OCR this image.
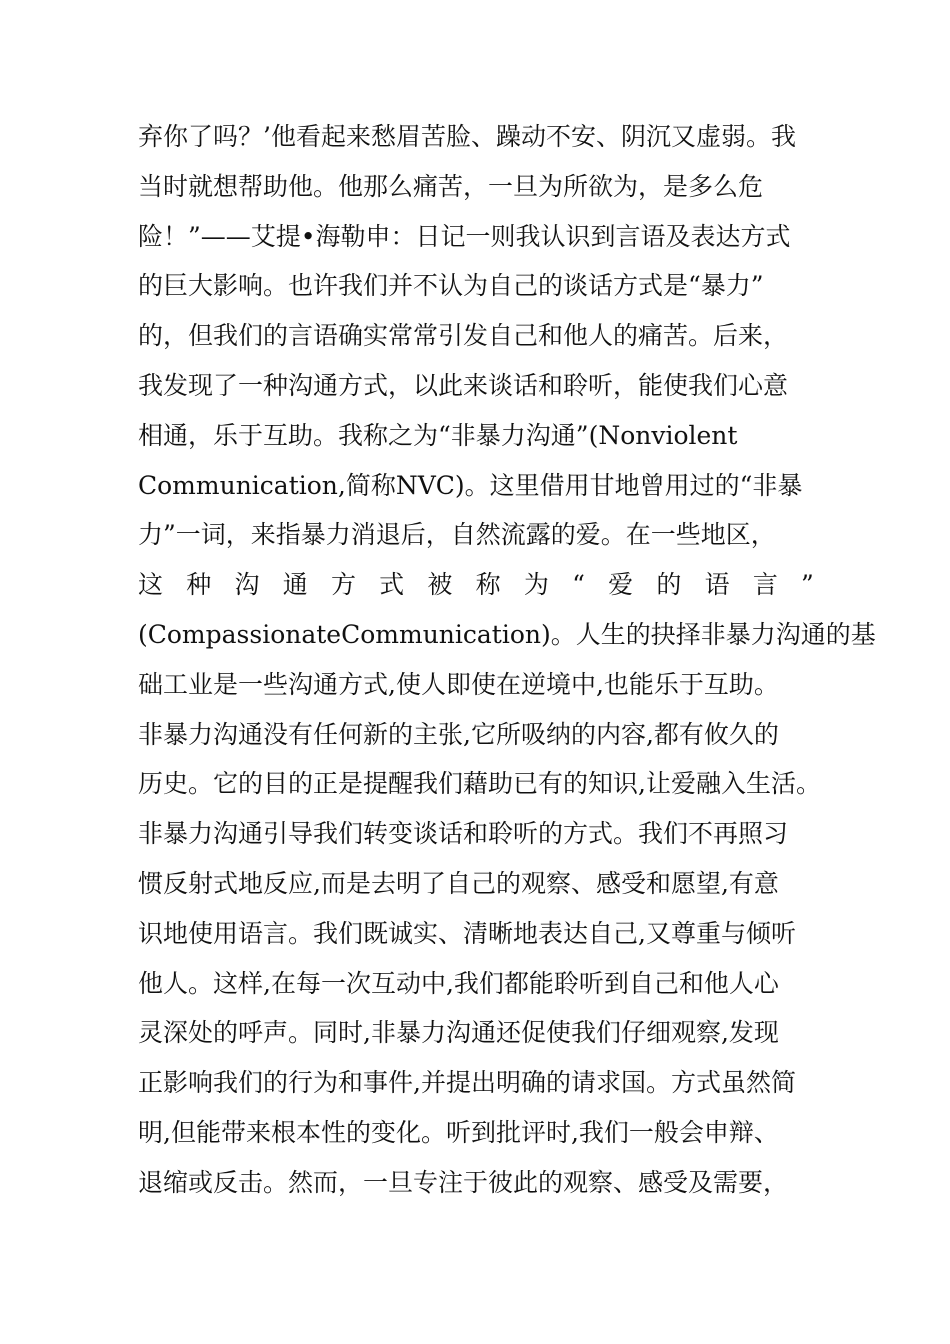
弃你了吗？’他看起来愁眉苦脸、躁动不安、阴沉又虚弱。我
当时就想帮助他。他那么痛苦，一旦为所欲为，是多么危
险！”——艾提•海勒申：日记一则我认识到言语及表达方式
的巨大影响。也许我们并不认为自己的谈话方式是“暴力”
的，但我们的言语确实常常引发自己和他人的痛苦。后来，
我发现了一种沟通方式，以此来谈话和聆听，能使我们心意
相通，乐于互助。我称之为“非暴力沟通”(Nonviolent
Communication,简称NVC)。这里借用甘地曾用过的“非暴
力”一词，来指暴力消退后，自然流露的爱。在一些地区，
这 种 沟 通 方 式 被 称 为 “ 爱 的 语 言 ”
(CompassionateCommunication)。人生的抉择非暴力沟通的基
础工业是一些沟通方式,使人即使在逆境中,也能乐于互助。
非暴力沟通没有任何新的主张,它所吸纳的内容,都有攸久的
历史。它的目的正是提醒我们藉助已有的知识,让爱融入生活。
非暴力沟通引导我们转变谈话和聆听的方式。我们不再照习
惯反射式地反应,而是去明了自己的观察、感受和愿望,有意
识地使用语言。我们既诚实、清晰地表达自己,又尊重与倾听
他人。这样,在每一次互动中,我们都能聆听到自己和他人心
灵深处的呼声。同时,非暴力沟通还促使我们仔细观察,发现
正影响我们的行为和事件,并提出明确的请求国。方式虽然简
明,但能带来根本性的变化。听到批评时,我们一般会申辩、
退缩或反击。然而，一旦专注于彼此的观察、感受及需要，
